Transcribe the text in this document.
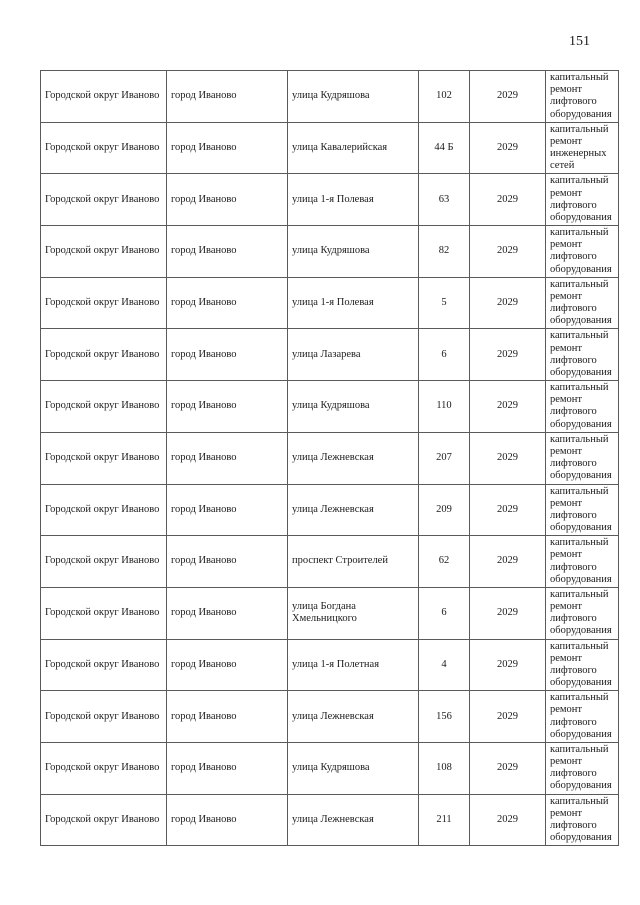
151
Городской округ Иваново	город Иваново	улица Кудряшова	102	2029	капитальный ремонт лифтового оборудования
Городской округ Иваново	город Иваново	улица Кавалерийская	44 Б	2029	капитальный ремонт инженерных сетей
Городской округ Иваново	город Иваново	улица 1-я Полевая	63	2029	капитальный ремонт лифтового оборудования
Городской округ Иваново	город Иваново	улица Кудряшова	82	2029	капитальный ремонт лифтового оборудования
Городской округ Иваново	город Иваново	улица 1-я Полевая	5	2029	капитальный ремонт лифтового оборудования
Городской округ Иваново	город Иваново	улица Лазарева	6	2029	капитальный ремонт лифтового оборудования
Городской округ Иваново	город Иваново	улица Кудряшова	110	2029	капитальный ремонт лифтового оборудования
Городской округ Иваново	город Иваново	улица Лежневская	207	2029	капитальный ремонт лифтового оборудования
Городской округ Иваново	город Иваново	улица Лежневская	209	2029	капитальный ремонт лифтового оборудования
Городской округ Иваново	город Иваново	проспект Строителей	62	2029	капитальный ремонт лифтового оборудования
Городской округ Иваново	город Иваново	улица Богдана Хмельницкого	6	2029	капитальный ремонт лифтового оборудования
Городской округ Иваново	город Иваново	улица 1-я Полетная	4	2029	капитальный ремонт лифтового оборудования
Городской округ Иваново	город Иваново	улица Лежневская	156	2029	капитальный ремонт лифтового оборудования
Городской округ Иваново	город Иваново	улица Кудряшова	108	2029	капитальный ремонт лифтового оборудования
Городской округ Иваново	город Иваново	улица Лежневская	211	2029	капитальный ремонт лифтового оборудования
